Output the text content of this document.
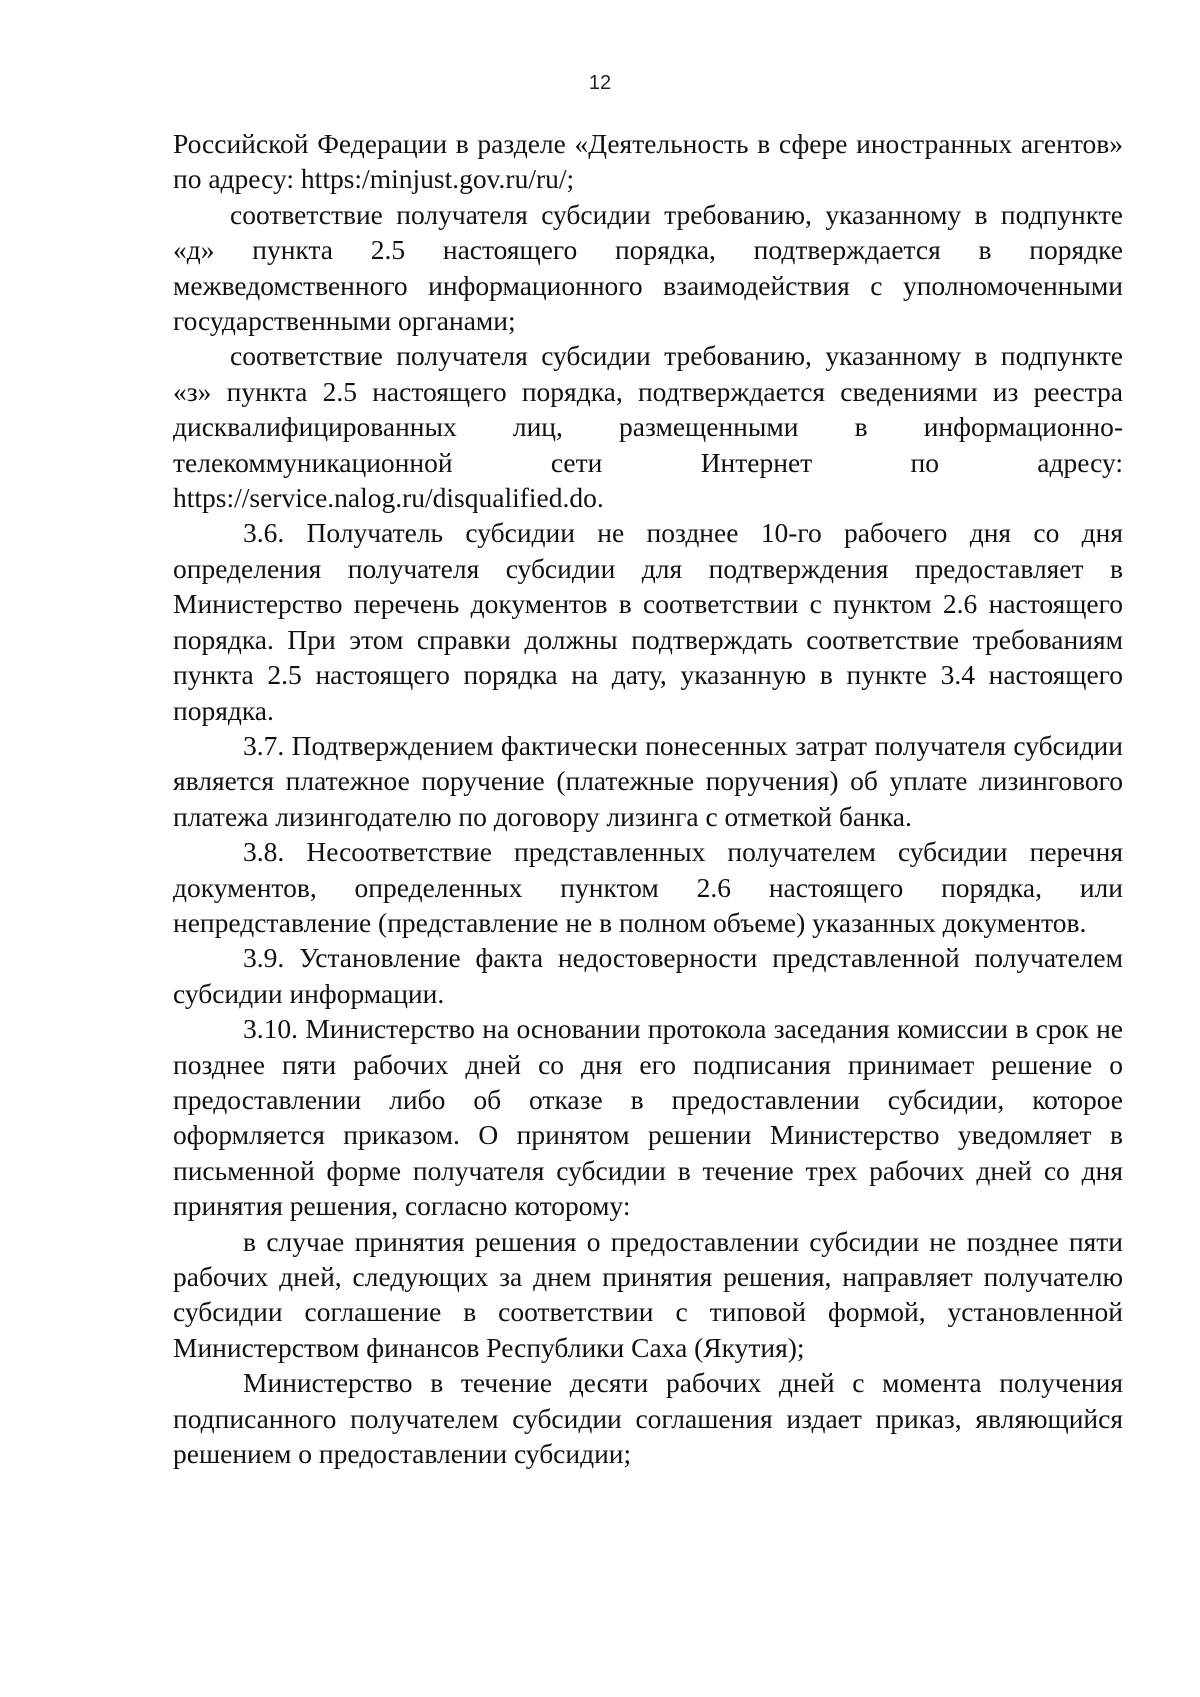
12

Российской Федерации в разделе «Деятельность в сфере иностранных агентов» по адресу: https:/minjust.gov.ru/ru/;

соответствие получателя субсидии требованию, указанному в подпункте «д» пункта 2.5 настоящего порядка, подтверждается в порядке межведомственного информационного взаимодействия с уполномоченными государственными органами;

соответствие получателя субсидии требованию, указанному в подпункте «з» пункта 2.5 настоящего порядка, подтверждается сведениями из реестра дисквалифицированных лиц, размещенными в информационно-телекоммуникационной сети Интернет по адресу: https://service.nalog.ru/disqualified.do.

3.6. Получатель субсидии не позднее 10-го рабочего дня со дня определения получателя субсидии для подтверждения предоставляет в Министерство перечень документов в соответствии с пунктом 2.6 настоящего порядка. При этом справки должны подтверждать соответствие требованиям пункта 2.5 настоящего порядка на дату, указанную в пункте 3.4 настоящего порядка.

3.7. Подтверждением фактически понесенных затрат получателя субсидии является платежное поручение (платежные поручения) об уплате лизингового платежа лизингодателю по договору лизинга с отметкой банка.

3.8. Несоответствие представленных получателем субсидии перечня документов, определенных пунктом 2.6 настоящего порядка, или непредставление (представление не в полном объеме) указанных документов.

3.9. Установление факта недостоверности представленной получателем субсидии информации.

3.10. Министерство на основании протокола заседания комиссии в срок не позднее пяти рабочих дней со дня его подписания принимает решение о предоставлении либо об отказе в предоставлении субсидии, которое оформляется приказом. О принятом решении Министерство уведомляет в письменной форме получателя субсидии в течение трех рабочих дней со дня принятия решения, согласно которому:

в случае принятия решения о предоставлении субсидии не позднее пяти рабочих дней, следующих за днем принятия решения, направляет получателю субсидии соглашение в соответствии с типовой формой, установленной Министерством финансов Республики Саха (Якутия);

Министерство в течение десяти рабочих дней с момента получения подписанного получателем субсидии соглашения издает приказ, являющийся решением о предоставлении субсидии;
